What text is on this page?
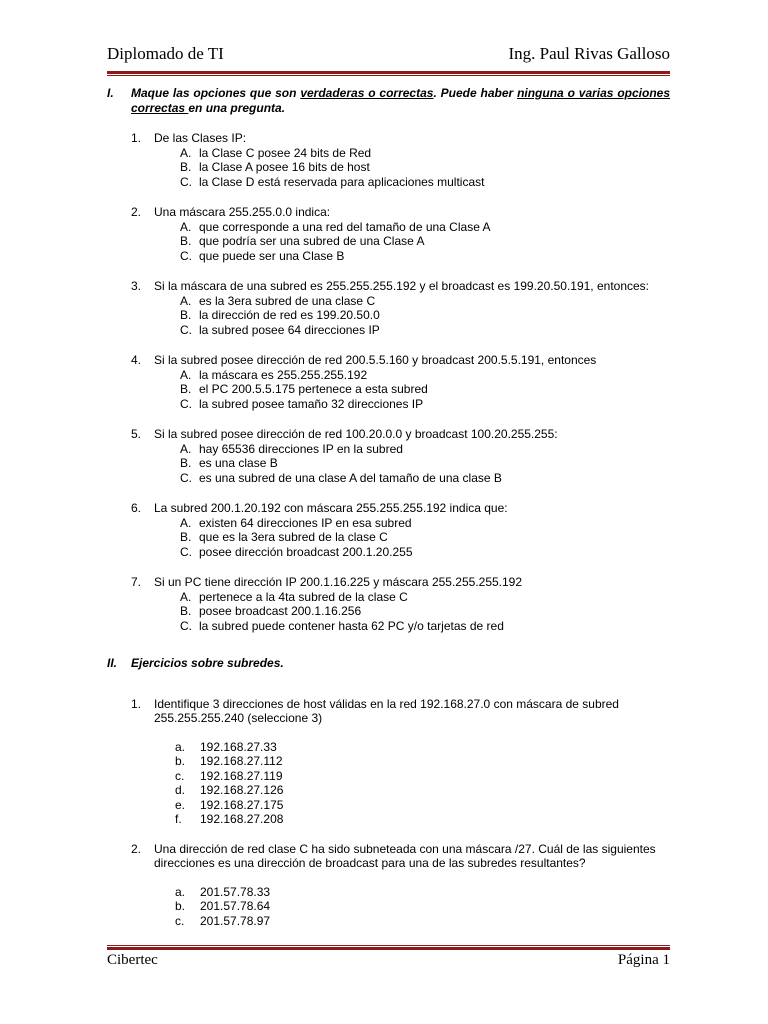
Diplomado de TI	Ing. Paul Rivas Galloso
I. Maque las opciones que son verdaderas o correctas. Puede haber ninguna o varias opciones correctas en una pregunta.
1. De las Clases IP:
A. la Clase C posee 24 bits de Red
B. la Clase A posee 16 bits de host
C. la Clase D está reservada para aplicaciones multicast
2. Una máscara 255.255.0.0 indica:
A. que corresponde a una red del tamaño de una Clase A
B. que podría ser una subred de una Clase A
C. que puede ser una Clase B
3. Si la máscara de una subred es 255.255.255.192 y el broadcast es 199.20.50.191, entonces:
A. es la 3era subred de una clase C
B. la dirección de red es 199.20.50.0
C. la subred posee 64 direcciones IP
4. Si la subred posee dirección de red 200.5.5.160 y broadcast 200.5.5.191, entonces
A. la máscara es 255.255.255.192
B. el PC 200.5.5.175 pertenece a esta subred
C. la subred posee tamaño 32 direcciones IP
5. Si la subred posee dirección de red 100.20.0.0 y broadcast 100.20.255.255:
A. hay 65536 direcciones IP en la subred
B. es una clase B
C. es una subred de una clase A del tamaño de una clase B
6. La subred 200.1.20.192 con máscara 255.255.255.192 indica que:
A. existen 64 direcciones IP en esa subred
B. que es la 3era subred de la clase C
C. posee dirección broadcast 200.1.20.255
7. Si un PC tiene dirección IP 200.1.16.225 y máscara 255.255.255.192
A. pertenece a la 4ta subred de la clase C
B. posee broadcast 200.1.16.256
C. la subred puede contener hasta 62 PC y/o tarjetas de red
II. Ejercicios sobre subredes.
1. Identifique 3 direcciones de host válidas en la red 192.168.27.0 con máscara de subred 255.255.255.240 (seleccione 3)
a. 192.168.27.33
b. 192.168.27.112
c. 192.168.27.119
d. 192.168.27.126
e. 192.168.27.175
f. 192.168.27.208
2. Una dirección de red clase C ha sido subneteada con una máscara /27. Cuál de las siguientes direcciones es una dirección de broadcast para una de las subredes resultantes?
a. 201.57.78.33
b. 201.57.78.64
c. 201.57.78.97
Cibertec	Página 1
